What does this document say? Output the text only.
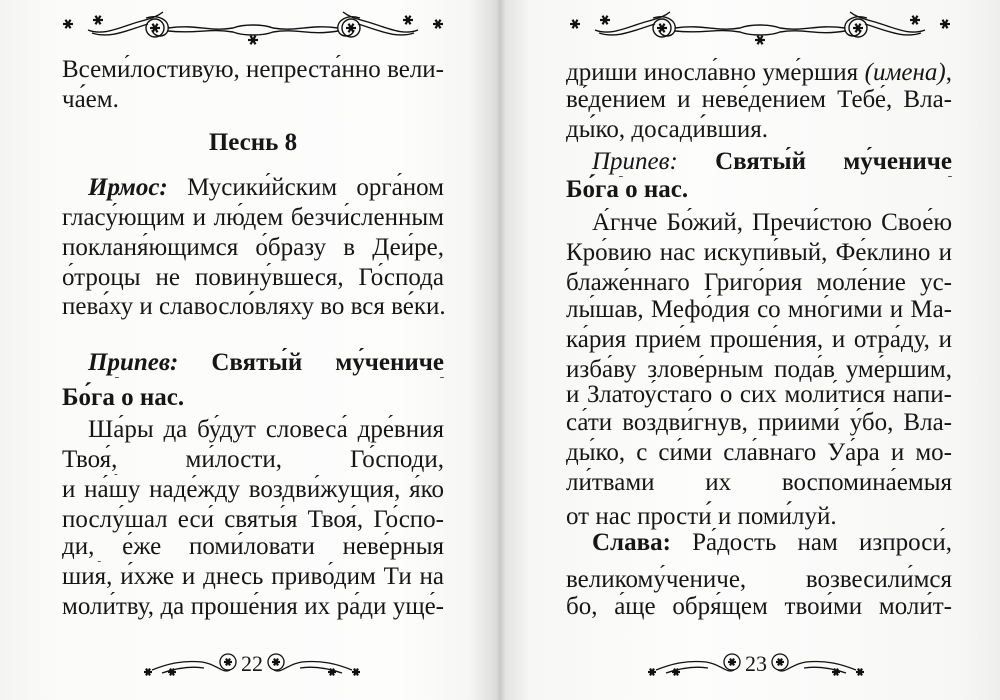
Всеми́лостивую, непреста́нно вели-
ча́ем.
Песнь 8
Ирмос: Мусики́йским орга́ном
гласу́ющим и лю́дем безчи́сленным
покланя́ющимся о́бразу в Деи́ре,
о́троцы не повину́вшеся, Го́спода
пева́ху и славосло́вляху во вся ве́ки.
Припев: Святы́й му́чениче
Бо́га о нас.
Ша́ры да бу́дут словеса́ дре́вния
Твоя́, ми́лости, Го́споди,
и на́шу наде́жду воздви́жущия, я́ко
послу́шал еси́ святы́я Твоя́, Го́спо-
ди, е́же поми́ловати неве́рныя
шия, и́хже и днесь приво́дим Ти на
моли́тву, да проше́ния их ра́ди уще́-
дриши иносла́вно уме́ршия (имена),
ве́дением и неве́дением Тебе́, Вла-
ды́ко, досади́вшия.
Припев: Святы́й му́чениче
Бо́га о нас.
А́гнче Бо́жий, Пречи́стою Свое́ю
Кро́вию нас искупи́вый, Фе́клино и
блаже́ннаго Григо́рия моле́ние ус-
лы́шав, Мефо́дия со мно́гими и Ма-
ка́рия прие́м проше́ния, и отра́ду, и
изба́ву злове́рным пода́в уме́ршим,
и Златоу́стаго о сих моли́тися напи-
са́ти воздви́гнув, приими́ у́бо, Вла-
ды́ко, с си́ми сла́внаго Уа́ра и мо-
ли́твами их воспомина́емыя
от нас прости́ и поми́луй.
Слава: Ра́дость нам изпроси́,
великому́чениче, возвесили́мся
бо, а́ще обря́щем твои́ми моли́т-
22	23
